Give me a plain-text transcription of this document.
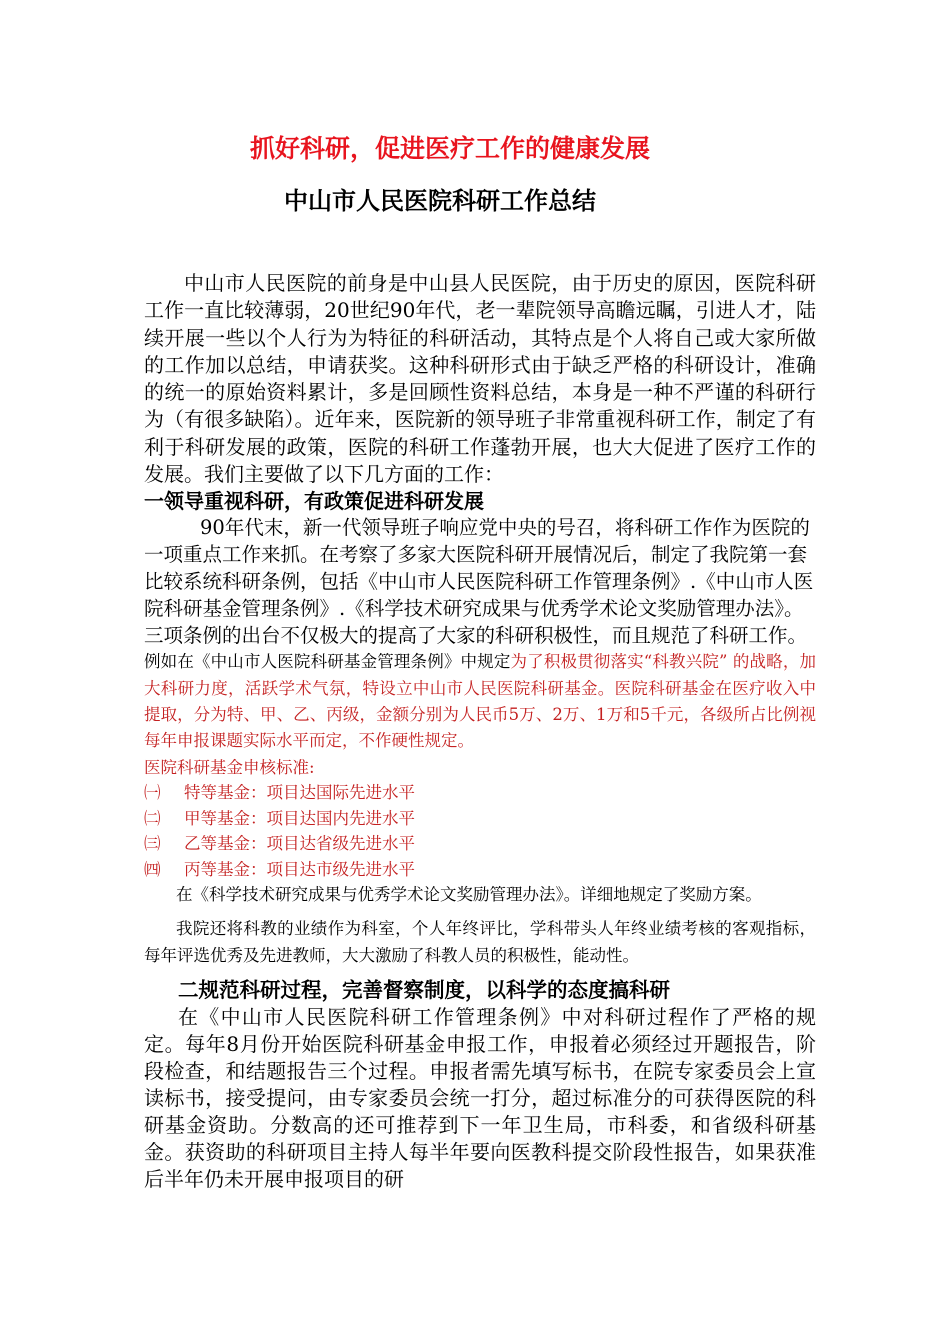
抓好科研，促进医疗工作的健康发展
中山市人民医院科研工作总结

中山市人民医院的前身是中山县人民医院，由于历史的原因，医院科研工作一直比较薄弱，20世纪90年代，老一辈院领导高瞻远瞩，引进人才，陆续开展一些以个人行为为特征的科研活动，其特点是个人将自己或大家所做的工作加以总结，申请获奖。这种科研形式由于缺乏严格的科研设计，准确的统一的原始资料累计，多是回顾性资料总结，本身是一种不严谨的科研行为（有很多缺陷）。近年来，医院新的领导班子非常重视科研工作，制定了有利于科研发展的政策，医院的科研工作蓬勃开展，也大大促进了医疗工作的发展。我们主要做了以下几方面的工作：

一领导重视科研，有政策促进科研发展

90年代末，新一代领导班子响应党中央的号召，将科研工作作为医院的一项重点工作来抓。在考察了多家大医院科研开展情况后，制定了我院第一套比较系统科研条例，包括《中山市人民医院科研工作管理条例》.《中山市人医院科研基金管理条例》.《科学技术研究成果与优秀学术论文奖励管理办法》。三项条例的出台不仅极大的提高了大家的科研积极性，而且规范了科研工作。

例如在《中山市人医院科研基金管理条例》中规定为了积极贯彻落实“科教兴院” 的战略，加大科研力度，活跃学术气氛，特设立中山市人民医院科研基金。医院科研基金在医疗收入中提取，分为特、甲、乙、丙级，金额分别为人民币5万、2万、1万和5千元，各级所占比例视每年申报课题实际水平而定，不作硬性规定。

医院科研基金申核标准:

㈠	特等基金：项目达国际先进水平

㈡	甲等基金：项目达国内先进水平

㈢	乙等基金：项目达省级先进水平

㈣	丙等基金：项目达市级先进水平

在《科学技术研究成果与优秀学术论文奖励管理办法》。详细地规定了奖励方案。

我院还将科教的业绩作为科室，个人年终评比，学科带头人年终业绩考核的客观指标，每年评选优秀及先进教师，大大激励了科教人员的积极性，能动性。

二规范科研过程，完善督察制度，以科学的态度搞科研

在《中山市人民医院科研工作管理条例》中对科研过程作了严格的规定。每年8月份开始医院科研基金申报工作，申报着必须经过开题报告，阶段检查，和结题报告三个过程。申报者需先填写标书，在院专家委员会上宣读标书，接受提问，由专家委员会统一打分，超过标准分的可获得医院的科研基金资助。分数高的还可推荐到下一年卫生局，市科委，和省级科研基金。获资助的科研项目主持人每半年要向医教科提交阶段性报告，如果获准后半年仍未开展申报项目的研
